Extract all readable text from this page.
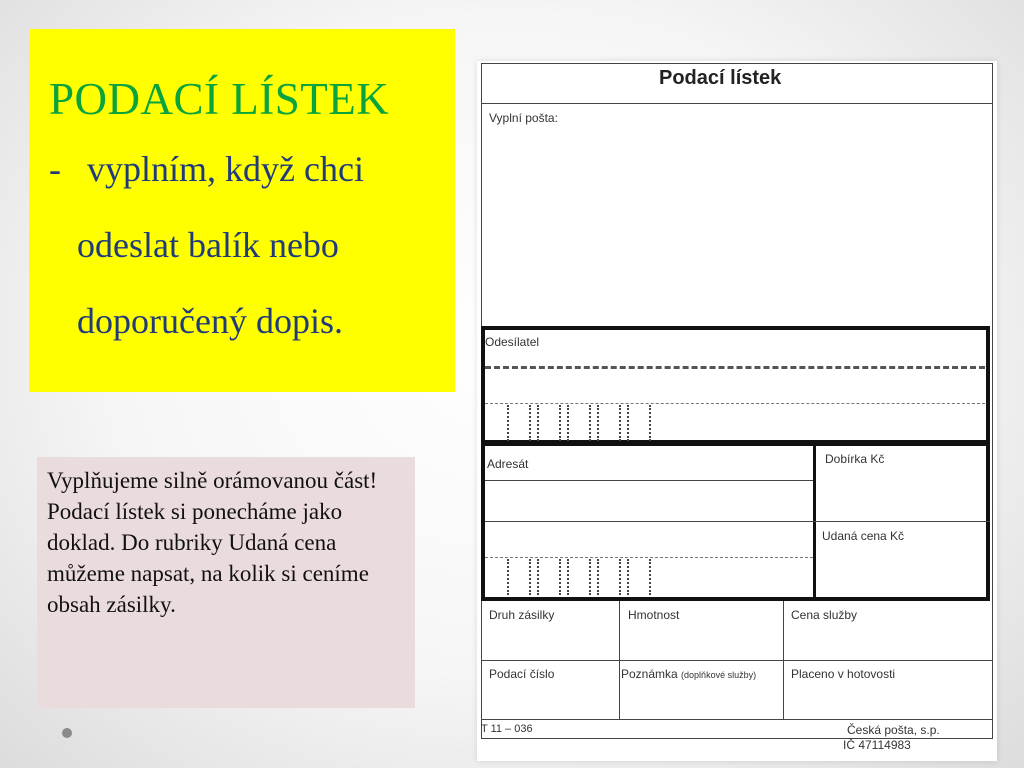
PODACÍ LÍSTEK
- vyplním, když chci
odeslat balík nebo
doporučený dopis.
Vyplňujeme silně orámovanou část! Podací lístek si ponecháme jako doklad. Do rubriky Udaná cena můžeme napsat, na kolik si ceníme obsah zásilky.
Podací lístek
Vyplní pošta:
Odesílatel
Adresát	Dobírka Kč
Udaná cena Kč
Druh zásilky	Hmotnost	Cena služby
Podací číslo	Poznámka (doplňkové služby)	Placeno v hotovosti
T 11 – 036	Česká pošta, s.p.
IČ 47114983
